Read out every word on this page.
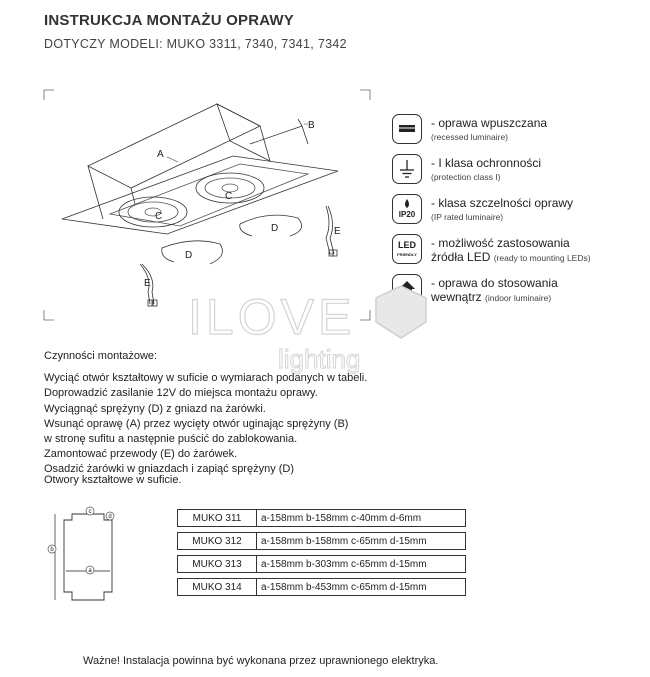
INSTRUKCJA MONTAŻU OPRAWY
DOTYCZY MODELI: MUKO 3311, 7340, 7341, 7342
A
B
C
C
D
D
E
E
- oprawa wpuszczana
(recessed luminaire)
- I klasa ochronności
(protection class I)
IP20
- klasa szczelności oprawy
(IP rated luminaire)
LED
FRIENDLY
- możliwość zastosowania
źródła LED (ready to mounting LEDs)
- oprawa do stosowania
wewnątrz (indoor luminaire)
ILOVE
lighting
Czynności montażowe:
Wyciąć otwór kształtowy w suficie o wymiarach podanych w tabeli.
Doprowadzić zasilanie 12V do miejsca montażu oprawy.
Wyciągnąć sprężyny (D) z gniazd na żarówki.
Wsunąć oprawę (A) przez wycięty otwór uginając sprężyny (B)
w stronę sufitu a następnie puścić do zablokowania.
Zamontować przewody (E) do żarówek.
Osadzić żarówki w gniazdach i zapiąć sprężyny (D)
Otwory kształtowe w suficie.
c
d
b
a
MUKO 311	a-158mm b-158mm c-40mm d-6mm

MUKO 312	a-158mm b-158mm c-65mm d-15mm

MUKO 313	a-158mm b-303mm c-65mm d-15mm

MUKO 314	a-158mm b-453mm c-65mm d-15mm
Ważne! Instalacja powinna być wykonana przez uprawnionego elektryka.
